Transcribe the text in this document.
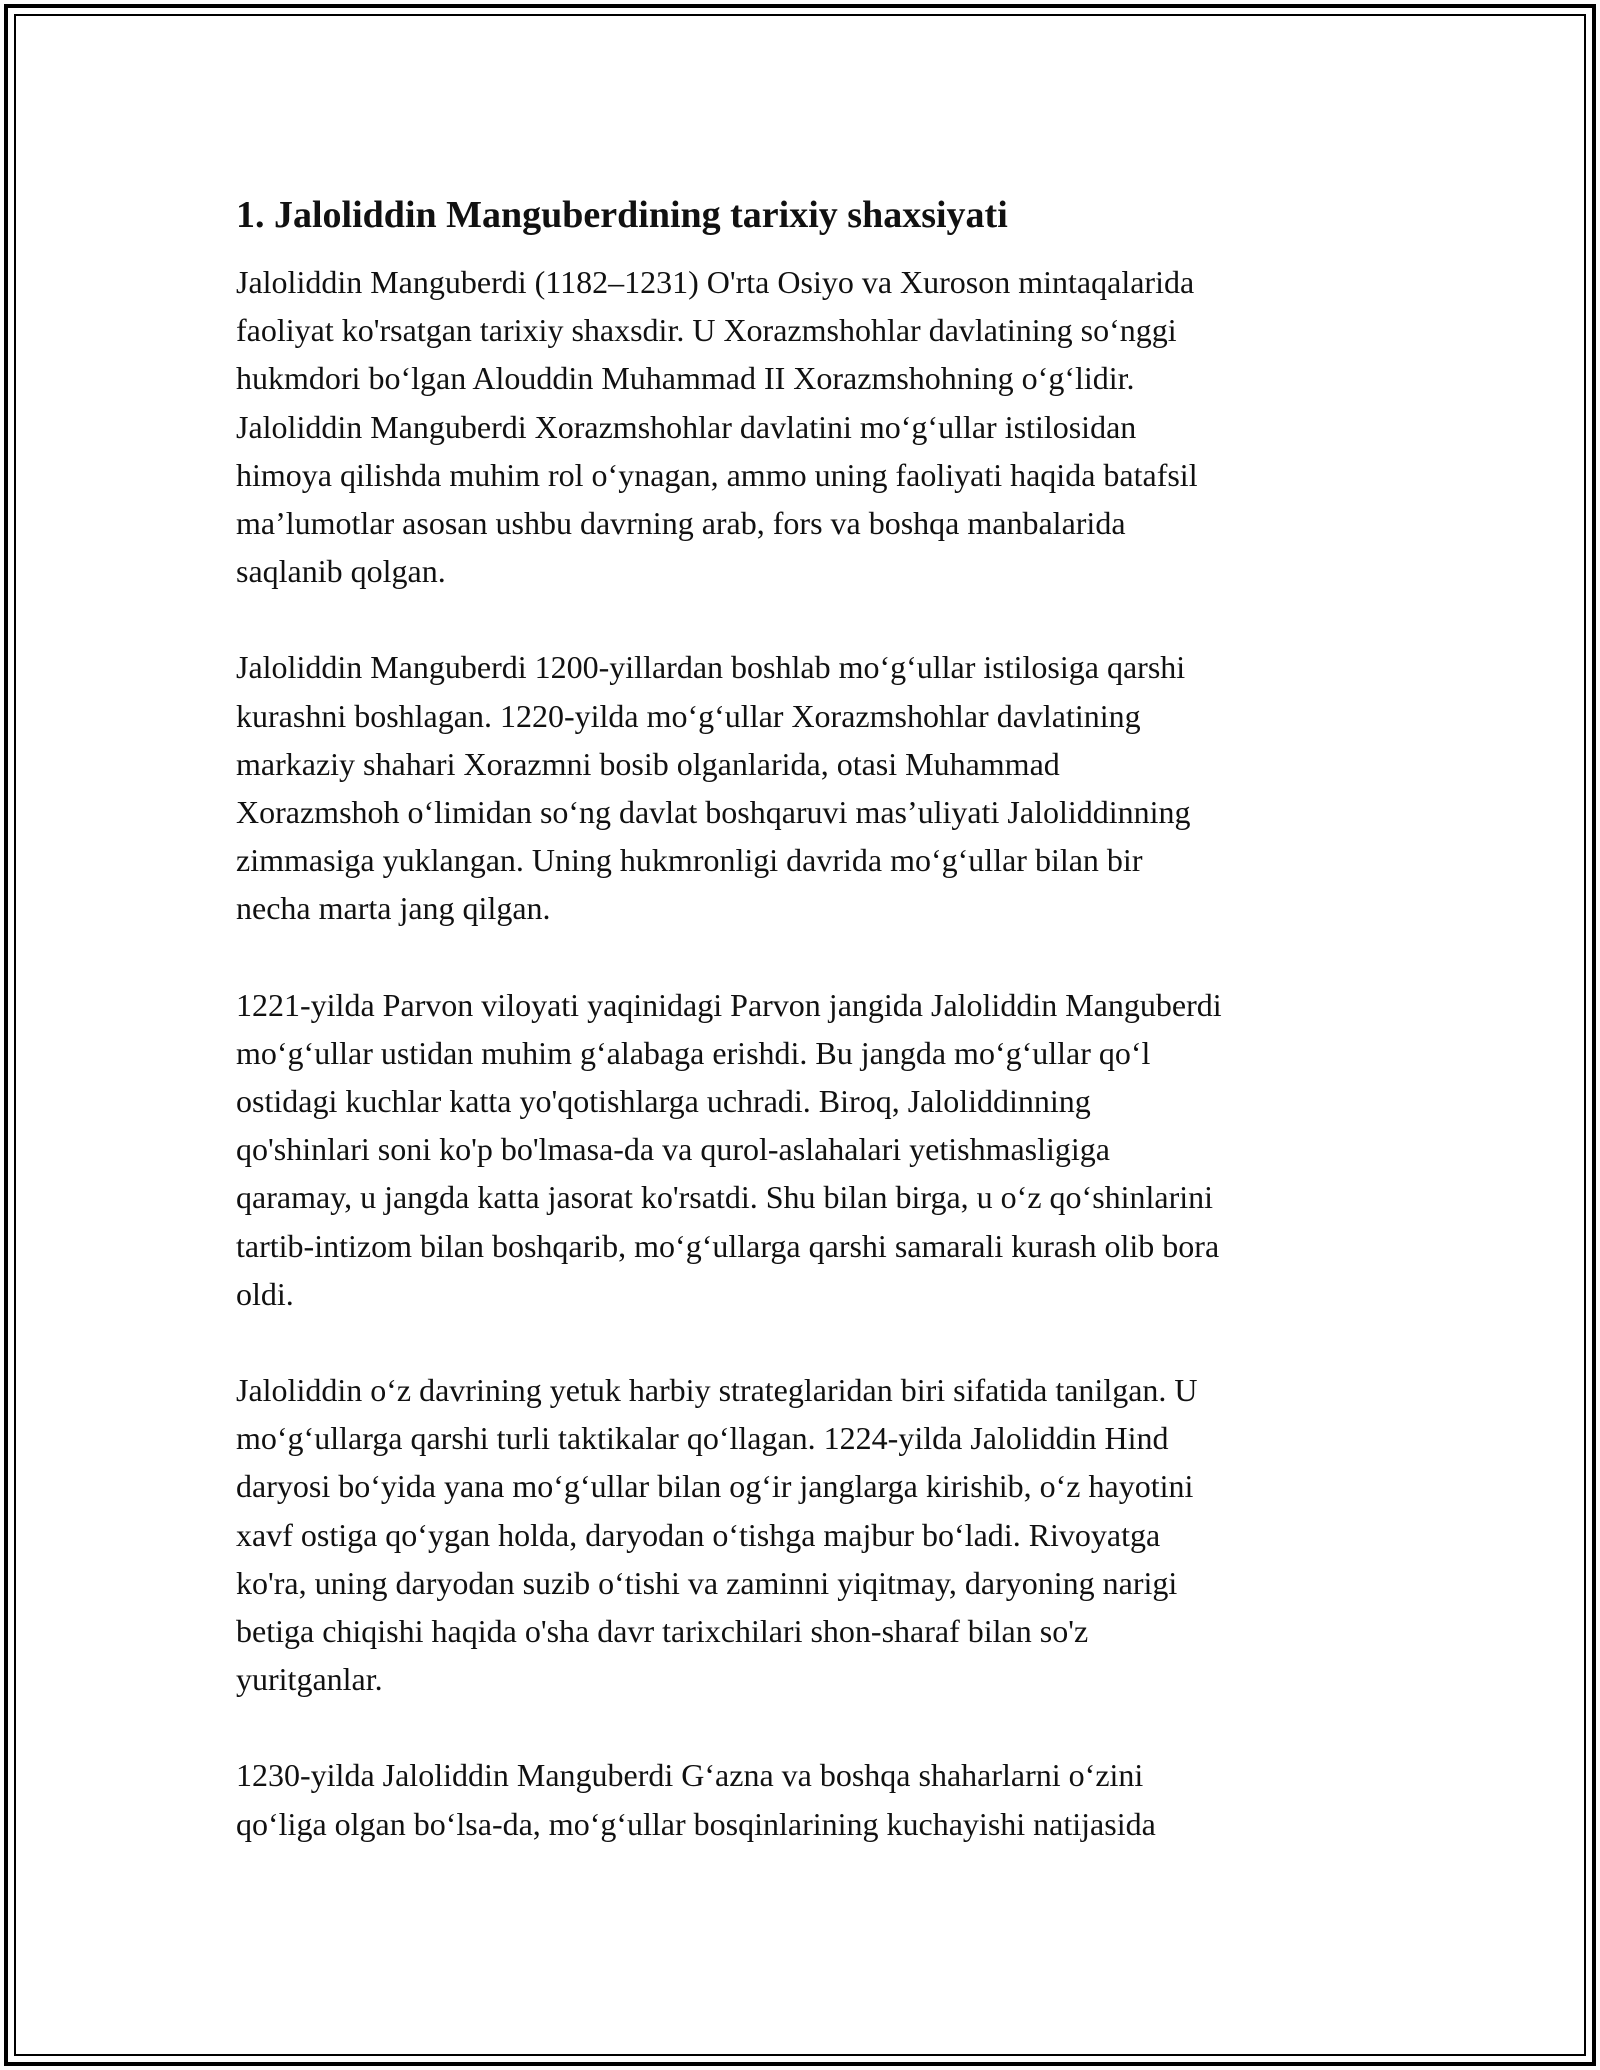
1. Jaloliddin Manguberdining tarixiy shaxsiyati

Jaloliddin Manguberdi (1182–1231) O'rta Osiyo va Xuroson mintaqalarida
faoliyat ko'rsatgan tarixiy shaxsdir. U Xorazmshohlar davlatining so‘nggi
hukmdori bo‘lgan Alouddin Muhammad II Xorazmshohning o‘g‘lidir.
Jaloliddin Manguberdi Xorazmshohlar davlatini mo‘g‘ullar istilosidan
himoya qilishda muhim rol o‘ynagan, ammo uning faoliyati haqida batafsil
ma’lumotlar asosan ushbu davrning arab, fors va boshqa manbalarida
saqlanib qolgan.

Jaloliddin Manguberdi 1200-yillardan boshlab mo‘g‘ullar istilosiga qarshi
kurashni boshlagan. 1220-yilda mo‘g‘ullar Xorazmshohlar davlatining
markaziy shahari Xorazmni bosib olganlarida, otasi Muhammad
Xorazmshoh o‘limidan so‘ng davlat boshqaruvi mas’uliyati Jaloliddinning
zimmasiga yuklangan. Uning hukmronligi davrida mo‘g‘ullar bilan bir
necha marta jang qilgan.

1221-yilda Parvon viloyati yaqinidagi Parvon jangida Jaloliddin Manguberdi
mo‘g‘ullar ustidan muhim g‘alabaga erishdi. Bu jangda mo‘g‘ullar qo‘l
ostidagi kuchlar katta yo'qotishlarga uchradi. Biroq, Jaloliddinning
qo'shinlari soni ko'p bo'lmasa-da va qurol-aslahalari yetishmasligiga
qaramay, u jangda katta jasorat ko'rsatdi. Shu bilan birga, u o‘z qo‘shinlarini
tartib-intizom bilan boshqarib, mo‘g‘ullarga qarshi samarali kurash olib bora
oldi.

Jaloliddin o‘z davrining yetuk harbiy strateglaridan biri sifatida tanilgan. U
mo‘g‘ullarga qarshi turli taktikalar qo‘llagan. 1224-yilda Jaloliddin Hind
daryosi bo‘yida yana mo‘g‘ullar bilan og‘ir janglarga kirishib, o‘z hayotini
xavf ostiga qo‘ygan holda, daryodan o‘tishga majbur bo‘ladi. Rivoyatga
ko'ra, uning daryodan suzib o‘tishi va zaminni yiqitmay, daryoning narigi
betiga chiqishi haqida o'sha davr tarixchilari shon-sharaf bilan so'z
yuritganlar.

1230-yilda Jaloliddin Manguberdi G‘azna va boshqa shaharlarni o‘zini
qo‘liga olgan bo‘lsa-da, mo‘g‘ullar bosqinlarining kuchayishi natijasida
